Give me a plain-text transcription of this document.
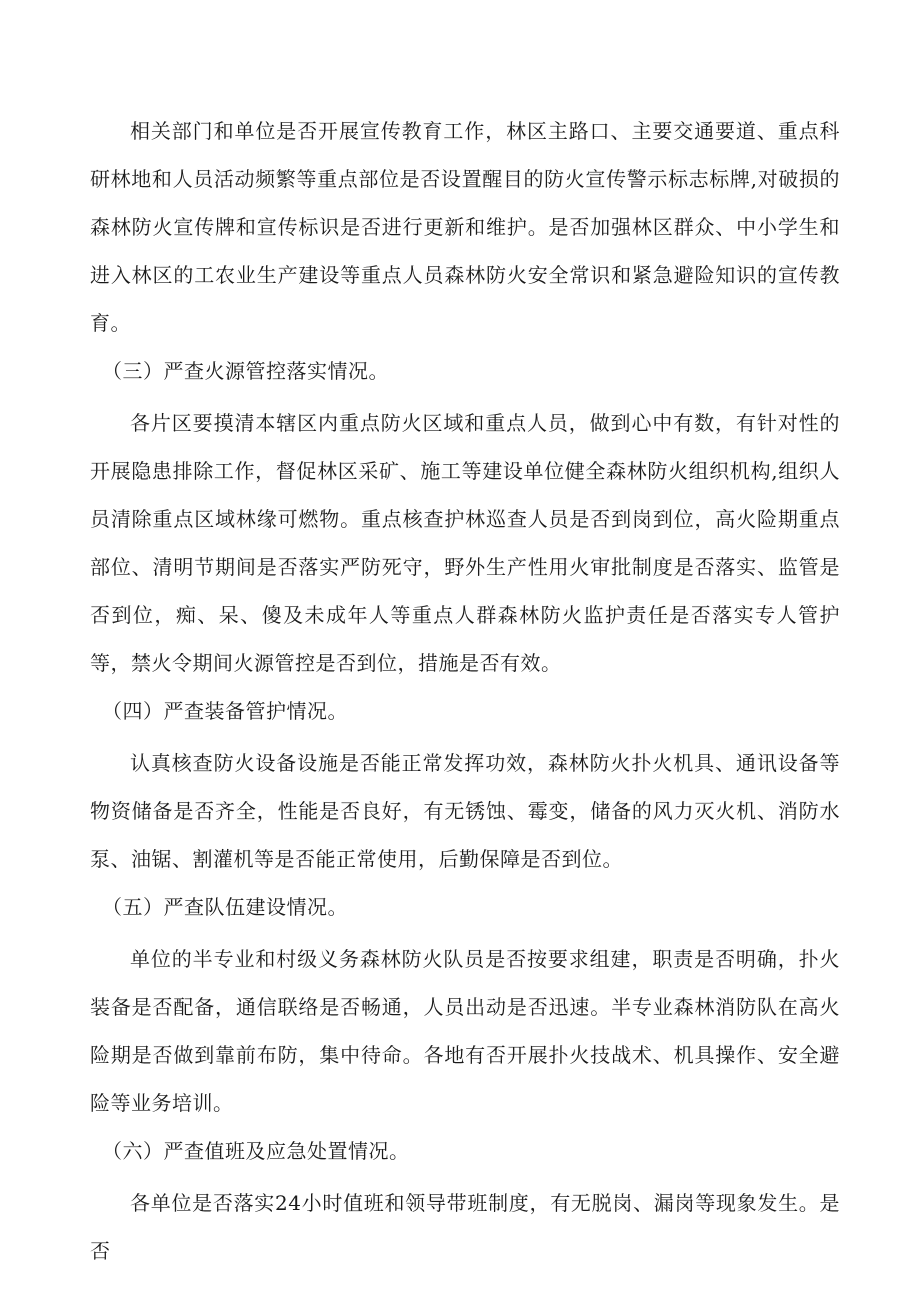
相关部门和单位是否开展宣传教育工作，林区主路口、主要交通要道、重点科研林地和人员活动频繁等重点部位是否设置醒目的防火宣传警示标志标牌,对破损的森林防火宣传牌和宣传标识是否进行更新和维护。是否加强林区群众、中小学生和进入林区的工农业生产建设等重点人员森林防火安全常识和紧急避险知识的宣传教育。

（三）严查火源管控落实情况。

各片区要摸清本辖区内重点防火区域和重点人员，做到心中有数，有针对性的开展隐患排除工作，督促林区采矿、施工等建设单位健全森林防火组织机构,组织人员清除重点区域林缘可燃物。重点核查护林巡查人员是否到岗到位，高火险期重点部位、清明节期间是否落实严防死守，野外生产性用火审批制度是否落实、监管是否到位，痴、呆、傻及未成年人等重点人群森林防火监护责任是否落实专人管护等，禁火令期间火源管控是否到位，措施是否有效。

（四）严查装备管护情况。

认真核查防火设备设施是否能正常发挥功效，森林防火扑火机具、通讯设备等物资储备是否齐全，性能是否良好，有无锈蚀、霉变，储备的风力灭火机、消防水泵、油锯、割灌机等是否能正常使用，后勤保障是否到位。

（五）严查队伍建设情况。

单位的半专业和村级义务森林防火队员是否按要求组建，职责是否明确，扑火装备是否配备，通信联络是否畅通，人员出动是否迅速。半专业森林消防队在高火险期是否做到靠前布防，集中待命。各地有否开展扑火技战术、机具操作、安全避险等业务培训。

（六）严查值班及应急处置情况。

各单位是否落实24小时值班和领导带班制度，有无脱岗、漏岗等现象发生。是否
